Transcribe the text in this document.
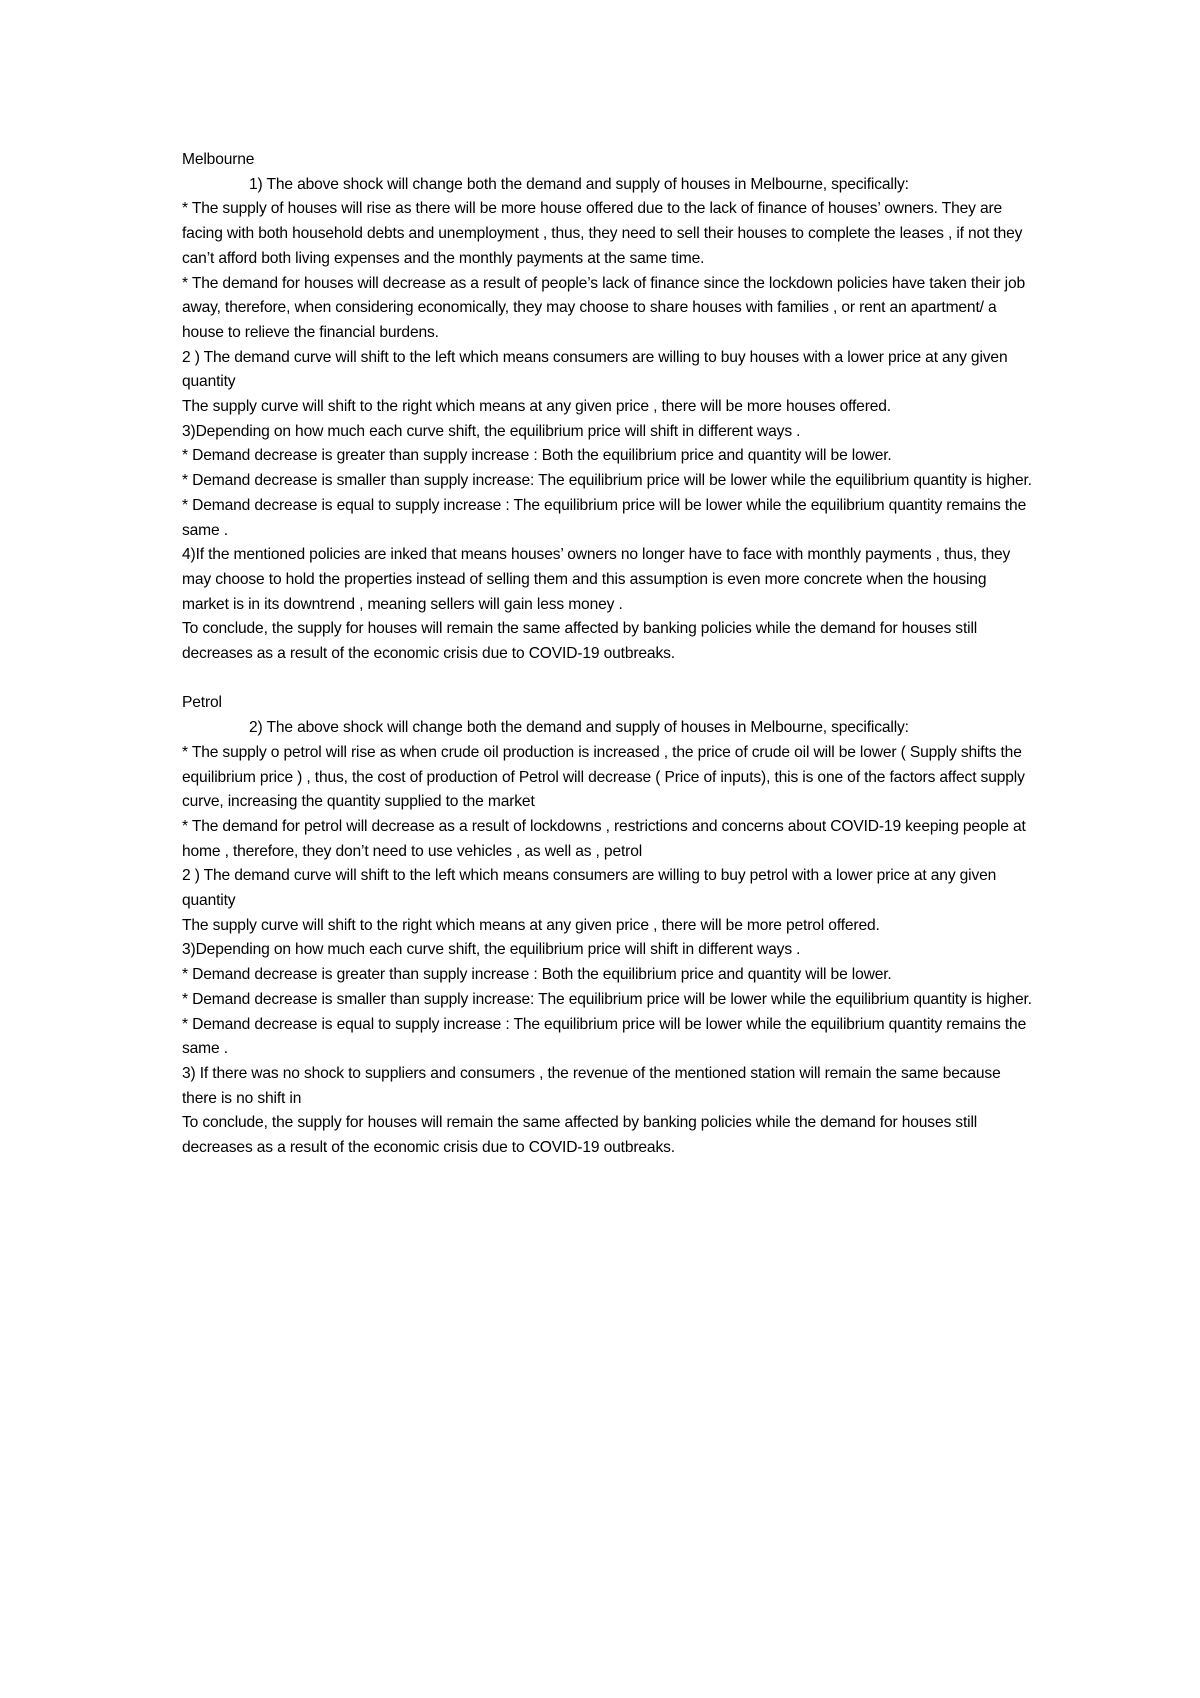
Melbourne

1) The above shock will change both the demand and supply of houses in Melbourne, specifically:

* The supply of houses will rise as there will be more house offered due to the lack of finance of houses’ owners. They are facing with both household debts and unemployment , thus, they need to sell their houses to complete the leases , if not they can’t afford both living expenses and the monthly payments at the same time.

* The demand for houses will decrease as a result of people’s lack of finance since the lockdown policies have taken their job away, therefore, when considering economically, they may choose to share houses with families , or rent an apartment/ a house to relieve the financial burdens.

2 ) The demand curve will shift to the left which means consumers are willing to buy houses with a lower price at any given quantity

The supply curve will shift to the right which means at any given price , there will be more houses offered.

3)Depending on how much each curve shift, the equilibrium price will shift in different ways .

* Demand decrease is greater than supply increase : Both the equilibrium price and quantity will be lower.

* Demand decrease is smaller than supply increase: The equilibrium price will be lower while the equilibrium quantity is higher.

* Demand decrease is equal to supply increase : The equilibrium price will be lower while the equilibrium quantity remains the same .

4)If the mentioned policies are inked that means houses’ owners no longer have to face with monthly payments , thus, they may choose to hold the properties instead of selling them and this assumption is even more concrete when the housing market is in its downtrend , meaning sellers will gain less money .

To conclude, the supply for houses will remain the same affected by banking policies while the demand for houses still decreases as a result of the economic crisis due to COVID-19 outbreaks.

Petrol

2) The above shock will change both the demand and supply of houses in Melbourne, specifically:

* The supply o petrol will rise as when crude oil production is increased , the price of crude oil will be lower ( Supply shifts the equilibrium price ) , thus, the cost of production of Petrol will decrease ( Price of inputs), this is one of the factors affect supply curve, increasing the quantity supplied to the market

* The demand for petrol will decrease as a result of lockdowns , restrictions and concerns about COVID-19 keeping people at home , therefore, they don’t need to use vehicles , as well as , petrol

2 ) The demand curve will shift to the left which means consumers are willing to buy petrol with a lower price at any given quantity

The supply curve will shift to the right which means at any given price , there will be more petrol offered.

3)Depending on how much each curve shift, the equilibrium price will shift in different ways .

* Demand decrease is greater than supply increase : Both the equilibrium price and quantity will be lower.

* Demand decrease is smaller than supply increase: The equilibrium price will be lower while the equilibrium quantity is higher.

* Demand decrease is equal to supply increase : The equilibrium price will be lower while the equilibrium quantity remains the same .

3) If there was no shock to suppliers and consumers , the revenue of the mentioned station will remain the same because there is no shift in

To conclude, the supply for houses will remain the same affected by banking policies while the demand for houses still decreases as a result of the economic crisis due to COVID-19 outbreaks.
